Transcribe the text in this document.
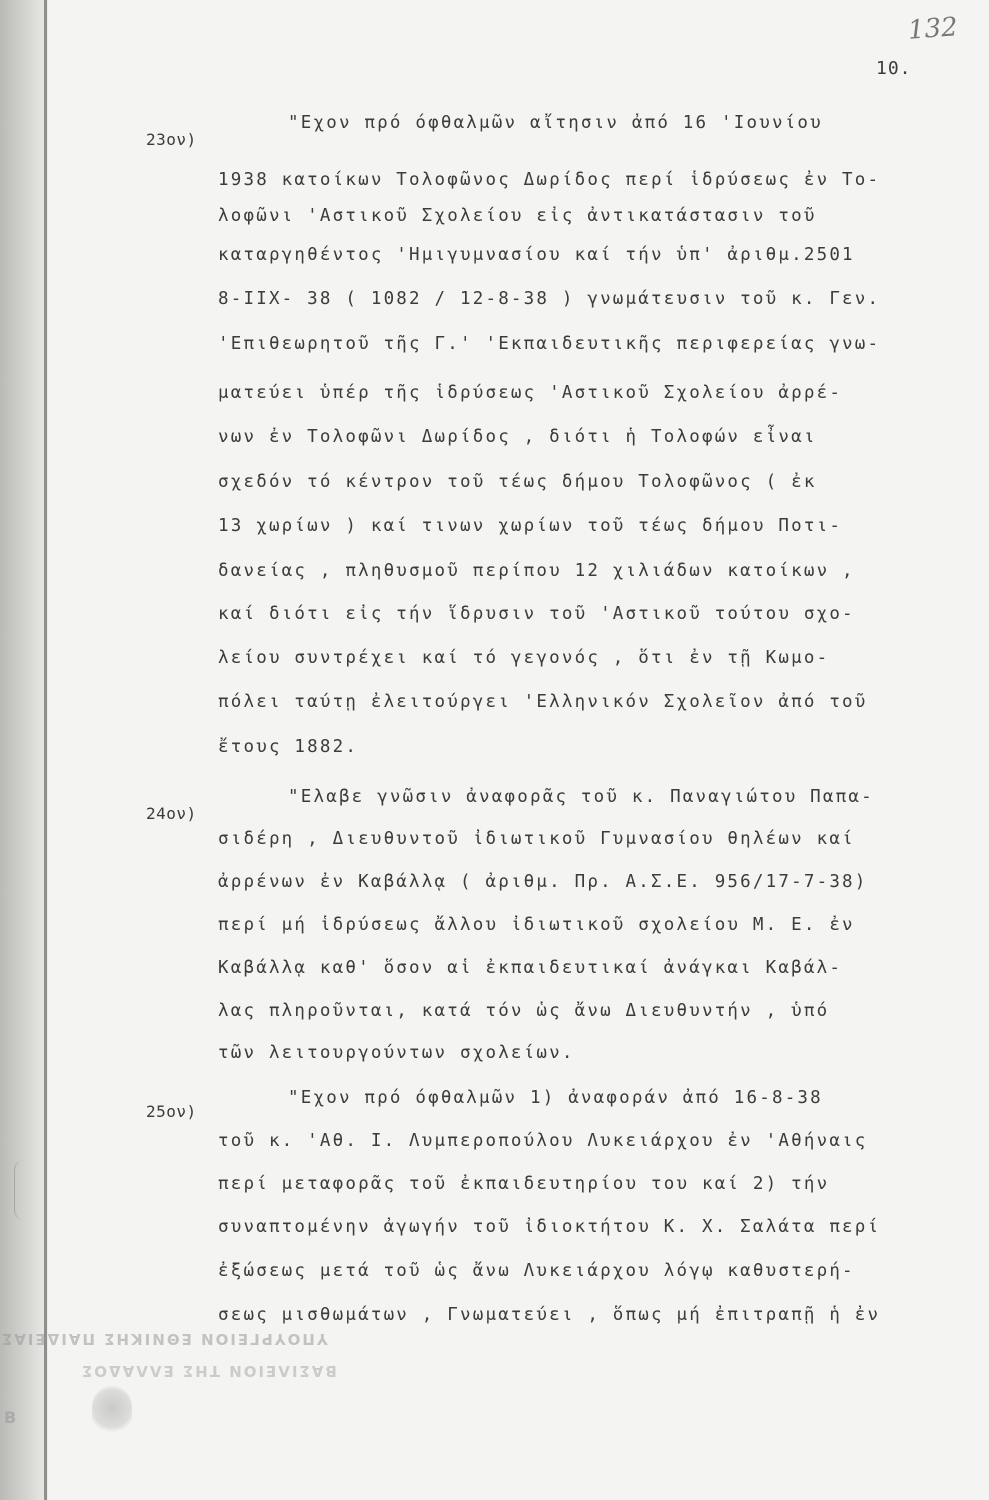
132
10.
23ον)
"Εχον πρό όφθαλμῶν αἴτησιν ἀπό 16 'Ιουνίου
1938 κατοίκων Τολοφῶνος Δωρίδος περί ἱδρύσεως ἐν Το-
λοφῶνι 'Αστικοῦ Σχολείου εἰς ἀντικατάστασιν τοῦ
καταργηθέντος 'Ημιγυμνασίου καί τήν ὑπ' ἀριθμ.2501
8-ΙΙΧ- 38 ( 1082 / 12-8-38 ) γνωμάτευσιν τοῦ κ. Γεν.
'Επιθεωρητοῦ τῆς Γ.' 'Εκπαιδευτικῆς περιφερείας γνω-
ματεύει ὑπέρ τῆς ἱδρύσεως 'Αστικοῦ Σχολείου ἀρρέ-
νων ἐν Τολοφῶνι Δωρίδος , διότι ἡ Τολοφών εἶναι
σχεδόν τό κέντρον τοῦ τέως δήμου Τολοφῶνος ( ἐκ
13 χωρίων ) καί τινων χωρίων τοῦ τέως δήμου Ποτι-
δανείας , πληθυσμοῦ περίπου 12 χιλιάδων κατοίκων ,
καί διότι εἰς τήν ἵδρυσιν τοῦ 'Αστικοῦ τούτου σχο-
λείου συντρέχει καί τό γεγονός , ὅτι ἐν τῇ Κωμο-
πόλει ταύτῃ ἐλειτούργει 'Ελληνικόν Σχολεῖον ἀπό τοῦ
ἔτους 1882.
24ον)
"Ελαβε γνῶσιν ἀναφορᾶς τοῦ κ. Παναγιώτου Παπα-
σιδέρη , Διευθυντοῦ ἰδιωτικοῦ Γυμνασίου θηλέων καί
ἀρρένων ἐν Καβάλλᾳ ( ἀριθμ. Πρ. Α.Σ.Ε. 956/17-7-38)
περί μή ἱδρύσεως ἄλλου ἰδιωτικοῦ σχολείου Μ. Ε. ἐν
Καβάλλᾳ καθ' ὅσον αἱ ἐκπαιδευτικαί ἀνάγκαι Καβάλ-
λας πληροῦνται, κατά τόν ὡς ἄνω Διευθυντήν , ὑπό
τῶν λειτουργούντων σχολείων.
25ον)
"Εχον πρό όφθαλμῶν 1) ἀναφοράν ἀπό 16-8-38
τοῦ κ. 'Αθ. Ι. Λυμπεροπούλου Λυκειάρχου ἐν 'Αθήναις
περί μεταφορᾶς τοῦ ἐκπαιδευτηρίου του καί 2) τήν
συναπτομένην ἀγωγήν τοῦ ἰδιοκτήτου Κ. Χ. Σαλάτα περί
ἐξώσεως μετά τοῦ ὡς ἄνω Λυκειάρχου λόγῳ καθυστερή-
σεως μισθωμάτων , Γνωματεύει , ὅπως μή ἐπιτραπῇ ἡ ἐν
ΥΠΟΥΡΓΕΙΟΝ ΕΘΝΙΚΗΣ ΠΑΙΔΕΙΑΣ
ΒΑΣΙΛΕΙΟΝ ΤΗΣ ΕΛΛΑΔΟΣ
Β
